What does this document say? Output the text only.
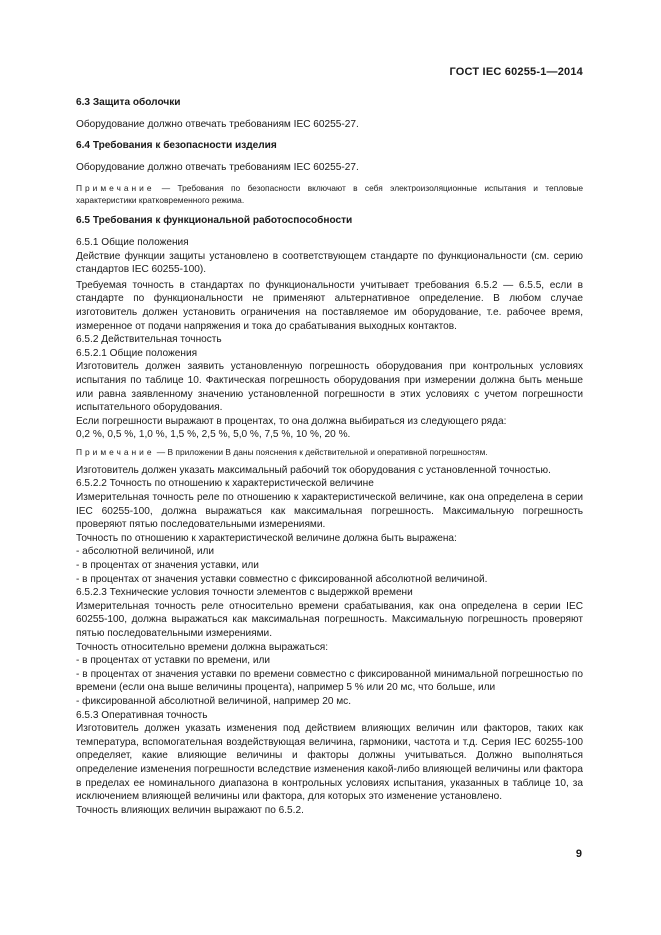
ГОСТ IEC 60255-1—2014

6.3 Защита оболочки

Оборудование должно отвечать требованиям IEC 60255-27.

6.4 Требования к безопасности изделия

Оборудование должно отвечать требованиям IEC 60255-27.

Примечание — Требования по безопасности включают в себя электроизоляционные испытания и тепловые характеристики кратковременного режима.

6.5 Требования к функциональной работоспособности

6.5.1 Общие положения

Действие функции защиты установлено в соответствующем стандарте по функциональности (см. серию стандартов IEC 60255-100).

Требуемая точность в стандартах по функциональности учитывает требования 6.5.2 — 6.5.5, если в стандарте по функциональности не применяют альтернативное определение. В любом случае изготовитель должен установить ограничения на поставляемое им оборудование, т.е. рабочее время, измеренное от подачи напряжения и тока до срабатывания выходных контактов.

6.5.2 Действительная точность

6.5.2.1 Общие положения

Изготовитель должен заявить установленную погрешность оборудования при контрольных условиях испытания по таблице 10. Фактическая погрешность оборудования при измерении должна быть меньше или равна заявленному значению установленной погрешности в этих условиях с учетом погрешности испытательного оборудования.

Если погрешности выражают в процентах, то она должна выбираться из следующего ряда:

0,2 %, 0,5 %, 1,0 %, 1,5 %, 2,5 %, 5,0 %, 7,5 %, 10 %, 20 %.

Примечание — В приложении В даны пояснения к действительной и оперативной погрешностям.

Изготовитель должен указать максимальный рабочий ток оборудования с установленной точностью.

6.5.2.2 Точность по отношению к характеристической величине

Измерительная точность реле по отношению к характеристической величине, как она определена в серии IEC 60255-100, должна выражаться как максимальная погрешность. Максимальную погрешность проверяют пятью последовательными измерениями.

Точность по отношению к характеристической величине должна быть выражена:

- абсолютной величиной, или

- в процентах от значения уставки, или

- в процентах от значения уставки совместно с фиксированной абсолютной величиной.

6.5.2.3 Технические условия точности элементов с выдержкой времени

Измерительная точность реле относительно времени срабатывания, как она определена в серии IEC 60255-100, должна выражаться как максимальная погрешность. Максимальную погрешность проверяют пятью последовательными измерениями.

Точность относительно времени должна выражаться:

- в процентах от уставки по времени, или

- в процентах от значения уставки по времени совместно с фиксированной минимальной погрешностью по времени (если она выше величины процента), например 5 % или 20 мс, что больше, или

- фиксированной абсолютной величиной, например 20 мс.

6.5.3 Оперативная точность

Изготовитель должен указать изменения под действием влияющих величин или факторов, таких как температура, вспомогательная воздействующая величина, гармоники, частота и т.д. Серия IEC 60255-100 определяет, какие влияющие величины и факторы должны учитываться. Должно выполняться определение изменения погрешности вследствие изменения какой-либо влияющей величины или фактора в пределах ее номинального диапазона в контрольных условиях испытания, указанных в таблице 10, за исключением влияющей величины или фактора, для которых это изменение установлено.

Точность влияющих величин выражают по 6.5.2.

9
